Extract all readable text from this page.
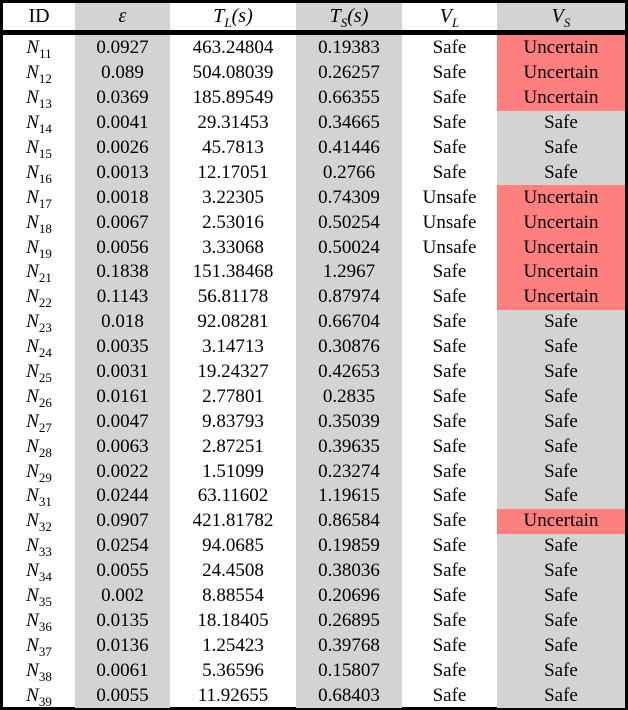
ID	ε	$T_L(s)$	$T_S(s)$	$V_L$	$V_S$
$N_{11}$	0.0927	463.24804	0.19383	Safe	Uncertain
$N_{12}$	0.089	504.08039	0.26257	Safe	Uncertain
$N_{13}$	0.0369	185.89549	0.66355	Safe	Uncertain
$N_{14}$	0.0041	29.31453	0.34665	Safe	Safe
$N_{15}$	0.0026	45.7813	0.41446	Safe	Safe
$N_{16}$	0.0013	12.17051	0.2766	Safe	Safe
$N_{17}$	0.0018	3.22305	0.74309	Unsafe	Uncertain
$N_{18}$	0.0067	2.53016	0.50254	Unsafe	Uncertain
$N_{19}$	0.0056	3.33068	0.50024	Unsafe	Uncertain
$N_{21}$	0.1838	151.38468	1.2967	Safe	Uncertain
$N_{22}$	0.1143	56.81178	0.87974	Safe	Uncertain
$N_{23}$	0.018	92.08281	0.66704	Safe	Safe
$N_{24}$	0.0035	3.14713	0.30876	Safe	Safe
$N_{25}$	0.0031	19.24327	0.42653	Safe	Safe
$N_{26}$	0.0161	2.77801	0.2835	Safe	Safe
$N_{27}$	0.0047	9.83793	0.35039	Safe	Safe
$N_{28}$	0.0063	2.87251	0.39635	Safe	Safe
$N_{29}$	0.0022	1.51099	0.23274	Safe	Safe
$N_{31}$	0.0244	63.11602	1.19615	Safe	Safe
$N_{32}$	0.0907	421.81782	0.86584	Safe	Uncertain
$N_{33}$	0.0254	94.0685	0.19859	Safe	Safe
$N_{34}$	0.0055	24.4508	0.38036	Safe	Safe
$N_{35}$	0.002	8.88554	0.20696	Safe	Safe
$N_{36}$	0.0135	18.18405	0.26895	Safe	Safe
$N_{37}$	0.0136	1.25423	0.39768	Safe	Safe
$N_{38}$	0.0061	5.36596	0.15807	Safe	Safe
$N_{39}$	0.0055	11.92655	0.68403	Safe	Safe
